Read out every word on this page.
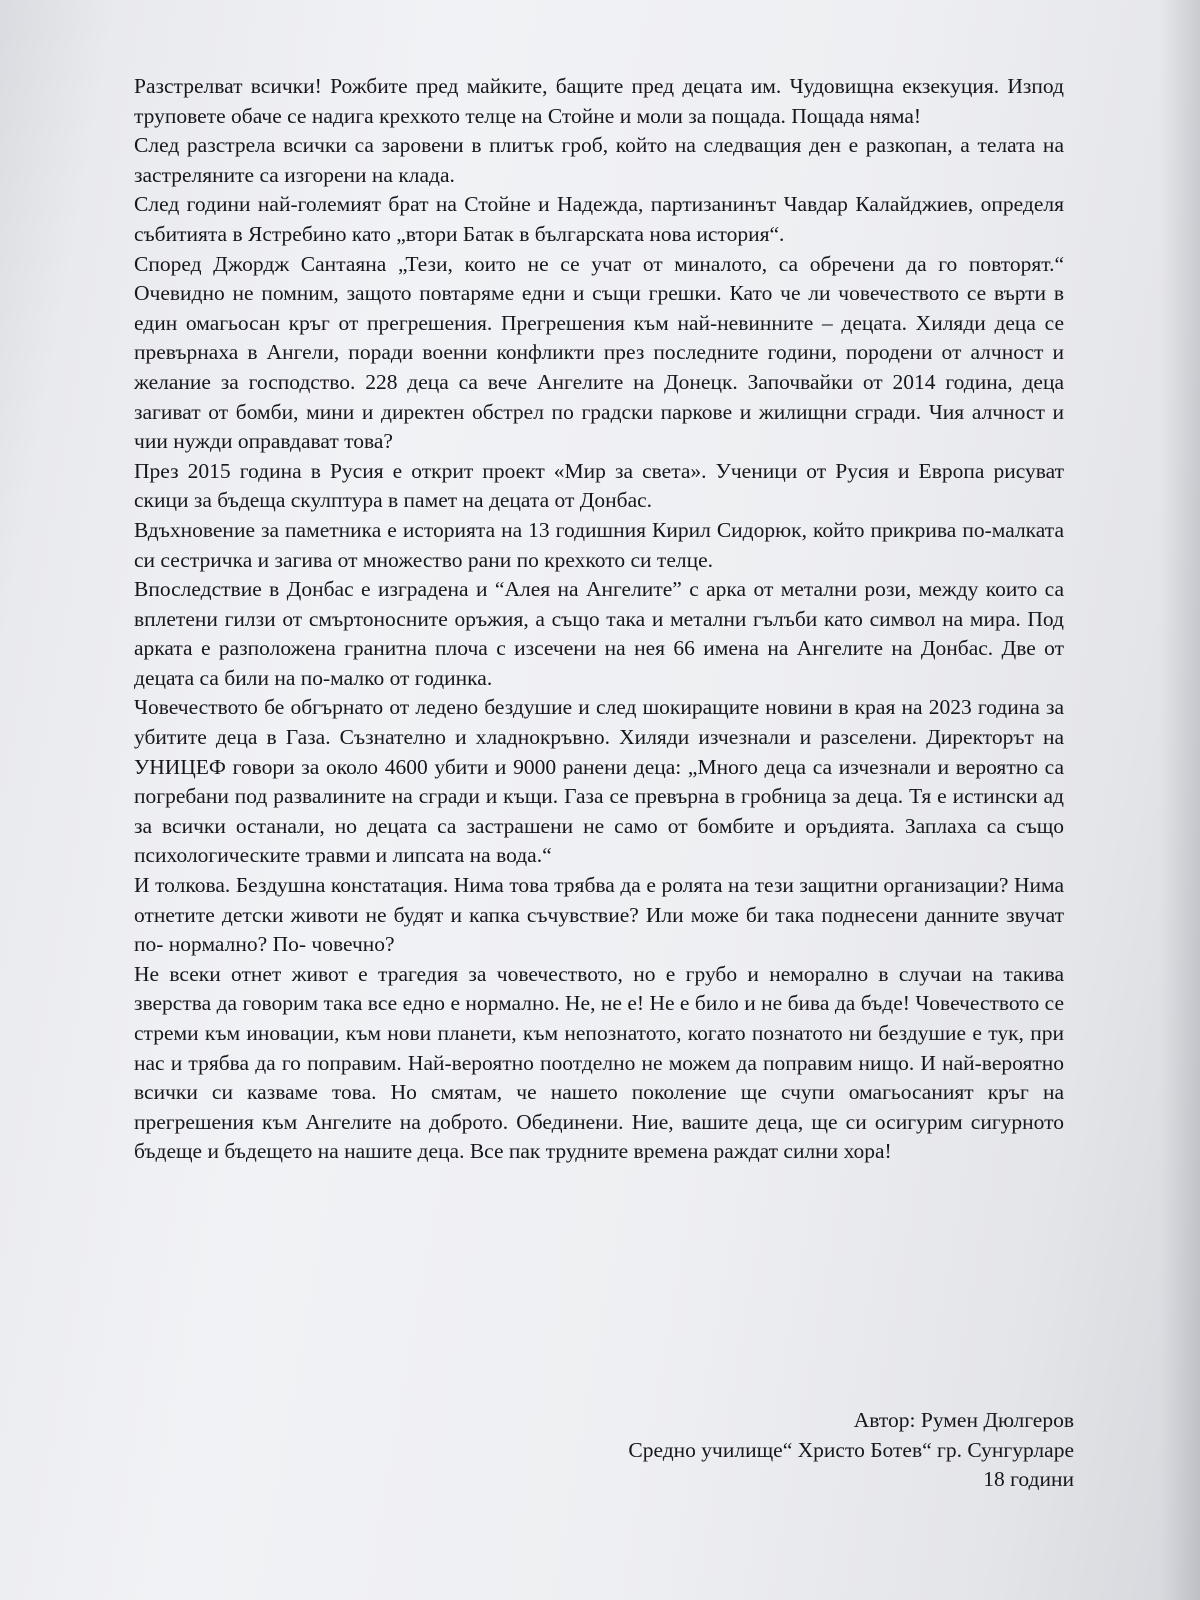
Разстрелват всички! Рожбите пред майките, бащите пред децата им. Чудовищна екзекуция. Изпод труповете обаче се надига крехкото телце на Стойне и моли за пощада. Пощада няма!

След разстрела всички са заровени в плитък гроб, който на следващия ден е разкопан, а телата на застреляните са изгорени на клада.

След години най-големият брат на Стойне и Надежда, партизанинът Чавдар Калайджиев, определя събитията в Ястребино като „втори Батак в българската нова история“.

Според Джордж Сантаяна „Тези, които не се учат от миналото, са обречени да го повторят.“ Очевидно не помним, защото повтаряме едни и същи грешки. Като че ли човечеството се върти в един омагьосан кръг от прегрешения. Прегрешения към най-невинните – децата. Хиляди деца се превърнаха в Ангели, поради военни конфликти през последните години, породени от алчност и желание за господство. 228 деца са вече Ангелите на Донецк. Започвайки от 2014 година, деца загиват от бомби, мини и директен обстрел по градски паркове и жилищни сгради. Чия алчност и чии нужди оправдават това?

През 2015 година в Русия е открит проект «Мир за света». Ученици от Русия и Европа рисуват скици за бъдеща скулптура в памет на децата от Донбас.

Вдъхновение за паметника е историята на 13 годишния Кирил Сидорюк, който прикрива по-малката си сестричка и загива от множество рани по крехкото си телце.

Впоследствие в Донбас е изградена и “Алея на Ангелите” с арка от метални рози, между които са вплетени гилзи от смъртоносните оръжия, а също така и метални гълъби като символ на мира. Под арката е разположена гранитна плоча с изсечени на нея 66 имена на Ангелите на Донбас. Две от децата са били на по-малко от годинка.

Човечеството бе обгърнато от ледено бездушие и след шокиращите новини в края на 2023 година за убитите деца в Газа. Съзнателно и хладнокръвно. Хиляди изчезнали и разселени. Директорът на УНИЦЕФ говори за около 4600 убити и 9000 ранени деца: „Много деца са изчезнали и вероятно са погребани под развалините на сгради и къщи. Газа се превърна в гробница за деца. Тя е истински ад за всички останали, но децата са застрашени не само от бомбите и оръдията. Заплаха са също психологическите травми и липсата на вода.“

И толкова. Бездушна констатация. Нима това трябва да е ролята на тези защитни организации? Нима отнетите детски животи не будят и капка съчувствие? Или може би така поднесени данните звучат по- нормално? По- човечно?

Не всеки отнет живот е трагедия за човечеството, но е грубо и неморално в случаи на такива зверства да говорим така все едно е нормално. Не, не е! Не е било и не бива да бъде! Човечеството се стреми към иновации, към нови планети, към непознатото, когато познатото ни бездушие е тук, при нас и трябва да го поправим. Най-вероятно поотделно не можем да поправим нищо. И най-вероятно всички си казваме това. Но смятам, че нашето поколение ще счупи омагьосаният кръг на прегрешения към Ангелите на доброто. Обединени. Ние, вашите деца, ще си осигурим сигурното бъдеще и бъдещето на нашите деца. Все пак трудните времена раждат силни хора!

Автор: Румен Дюлгеров
Средно училище“ Христо Ботев“ гр. Сунгурларе
18 години
